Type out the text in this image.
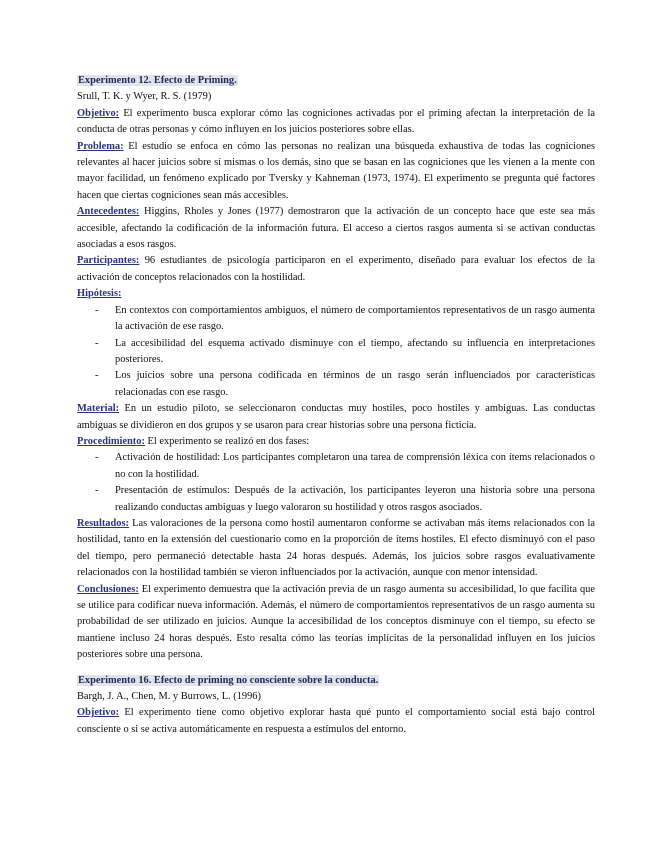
Experimento 12. Efecto de Priming.

Srull, T. K. y Wyer, R. S. (1979)

Objetivo: El experimento busca explorar cómo las cogniciones activadas por el priming afectan la interpretación de la conducta de otras personas y cómo influyen en los juicios posteriores sobre ellas.

Problema: El estudio se enfoca en cómo las personas no realizan una búsqueda exhaustiva de todas las cogniciones relevantes al hacer juicios sobre sí mismas o los demás, sino que se basan en las cogniciones que les vienen a la mente con mayor facilidad, un fenómeno explicado por Tversky y Kahneman (1973, 1974). El experimento se pregunta qué factores hacen que ciertas cogniciones sean más accesibles.

Antecedentes: Higgins, Rholes y Jones (1977) demostraron que la activación de un concepto hace que este sea más accesible, afectando la codificación de la información futura. El acceso a ciertos rasgos aumenta si se activan conductas asociadas a esos rasgos.

Participantes: 96 estudiantes de psicología participaron en el experimento, diseñado para evaluar los efectos de la activación de conceptos relacionados con la hostilidad.

Hipótesis:

- En contextos con comportamientos ambiguos, el número de comportamientos representativos de un rasgo aumenta la activación de ese rasgo.
- La accesibilidad del esquema activado disminuye con el tiempo, afectando su influencia en interpretaciones posteriores.
- Los juicios sobre una persona codificada en términos de un rasgo serán influenciados por características relacionadas con ese rasgo.

Material: En un estudio piloto, se seleccionaron conductas muy hostiles, poco hostiles y ambiguas. Las conductas ambiguas se dividieron en dos grupos y se usaron para crear historias sobre una persona ficticia.

Procedimiento: El experimento se realizó en dos fases:

- Activación de hostilidad: Los participantes completaron una tarea de comprensión léxica con ítems relacionados o no con la hostilidad.
- Presentación de estímulos: Después de la activación, los participantes leyeron una historia sobre una persona realizando conductas ambiguas y luego valoraron su hostilidad y otros rasgos asociados.

Resultados: Las valoraciones de la persona como hostil aumentaron conforme se activaban más ítems relacionados con la hostilidad, tanto en la extensión del cuestionario como en la proporción de ítems hostiles. El efecto disminuyó con el paso del tiempo, pero permaneció detectable hasta 24 horas después. Además, los juicios sobre rasgos evaluativamente relacionados con la hostilidad también se vieron influenciados por la activación, aunque con menor intensidad.

Conclusiones: El experimento demuestra que la activación previa de un rasgo aumenta su accesibilidad, lo que facilita que se utilice para codificar nueva información. Además, el número de comportamientos representativos de un rasgo aumenta su probabilidad de ser utilizado en juicios. Aunque la accesibilidad de los conceptos disminuye con el tiempo, su efecto se mantiene incluso 24 horas después. Esto resalta cómo las teorías implícitas de la personalidad influyen en los juicios posteriores sobre una persona.

Experimento 16. Efecto de priming no consciente sobre la conducta.

Bargh, J. A., Chen, M. y Burrows, L. (1996)

Objetivo: El experimento tiene como objetivo explorar hasta qué punto el comportamiento social está bajo control consciente o si se activa automáticamente en respuesta a estímulos del entorno.
